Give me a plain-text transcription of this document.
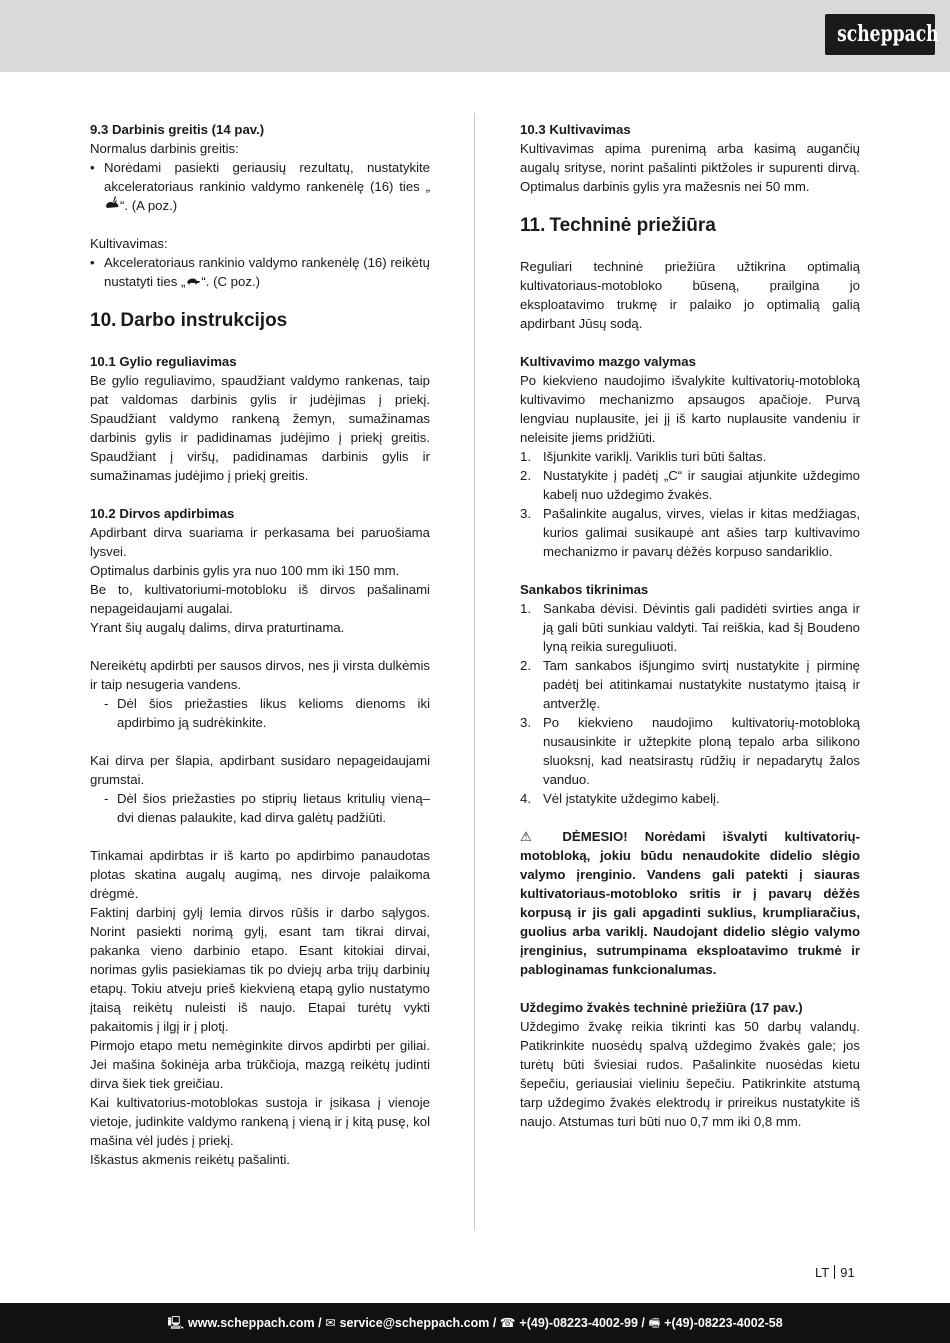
scheppach

9.3 Darbinis greitis (14 pav.)

Normalus darbinis greitis:

• Norėdami pasiekti geriausių rezultatų, nustatykite akceleratoriaus rankinio valdymo rankenėlę (16) ties „“. (A poz.)

Kultivavimas:

• Akceleratoriaus rankinio valdymo rankenėlę (16) reikėtų nustatyti ties „ “. (C poz.)

10. Darbo instrukcijos

10.1 Gylio reguliavimas

Be gylio reguliavimo, spaudžiant valdymo rankenas, taip pat valdomas darbinis gylis ir judėjimas į priekį. Spaudžiant valdymo rankeną žemyn, sumažinamas darbinis gylis ir padidinamas judėjimo į priekį greitis. Spaudžiant į viršų, padidinamas darbinis gylis ir sumažinamas judėjimo į priekį greitis.

10.2 Dirvos apdirbimas

Apdirbant dirva suariama ir perkasama bei paruošiama lysvei.

Optimalus darbinis gylis yra nuo 100 mm iki 150 mm.

Be to, kultivatoriumi-motobloku iš dirvos pašalinami nepageidaujami augalai.

Yrant šių augalų dalims, dirva praturtinama.

Nereikėtų apdirbti per sausos dirvos, nes ji virsta dulkėmis ir taip nesugeria vandens.

- Dėl šios priežasties likus kelioms dienoms iki apdirbimo ją sudrėkinkite.

Kai dirva per šlapia, apdirbant susidaro nepageidaujami grumstai.

- Dėl šios priežasties po stiprių lietaus kritulių vieną–dvi dienas palaukite, kad dirva galėtų padžiūti.

Tinkamai apdirbtas ir iš karto po apdirbimo panaudotas plotas skatina augalų augimą, nes dirvoje palaikoma drėgmė.

Faktinį darbinį gylį lemia dirvos rūšis ir darbo sąlygos. Norint pasiekti norimą gylį, esant tam tikrai dirvai, pakanka vieno darbinio etapo. Esant kitokiai dirvai, norimas gylis pasiekiamas tik po dviejų arba trijų darbinių etapų. Tokiu atveju prieš kiekvieną etapą gylio nustatymo įtaisą reikėtų nuleisti iš naujo. Etapai turėtų vykti pakaitomis į ilgį ir į plotį.

Pirmojo etapo metu nemėginkite dirvos apdirbti per giliai. Jei mašina šokinėja arba trūkčioja, mazgą reikėtų judinti dirva šiek tiek greičiau.

Kai kultivatorius-motoblokas sustoja ir įsikasa į vienoje vietoje, judinkite valdymo rankeną į vieną ir į kitą pusę, kol mašina vėl judės į priekį.

Iškastus akmenis reikėtų pašalinti.

10.3 Kultivavimas

Kultivavimas apima purenimą arba kasimą augančių augalų srityse, norint pašalinti piktžoles ir supurenti dirvą. Optimalus darbinis gylis yra mažesnis nei 50 mm.

11. Techninė priežiūra

Reguliari techninė priežiūra užtikrina optimalią kultivatoriaus-motobloko būseną, prailgina jo eksploatavimo trukmę ir palaiko jo optimalią galią apdirbant Jūsų sodą.

Kultivavimo mazgo valymas

Po kiekvieno naudojimo išvalykite kultivatorių-motobloką kultivavimo mechanizmo apsaugos apačioje. Purvą lengviau nuplausite, jei jį iš karto nuplausite vandeniu ir neleisite jiems pridžiūti.

1. Išjunkite variklį. Variklis turi būti šaltas.
2. Nustatykite į padėtį „C“ ir saugiai atjunkite uždegimo kabelį nuo uždegimo žvakės.
3. Pašalinkite augalus, virves, vielas ir kitas medžiagas, kurios galimai susikaupė ant ašies tarp kultivavimo mechanizmo ir pavarų dėžės korpuso sandariklio.

Sankabos tikrinimas

1. Sankaba dėvisi. Dėvintis gali padidėti svirties anga ir ją gali būti sunkiau valdyti. Tai reiškia, kad šį Boudeno lyną reikia sureguliuoti.
2. Tam sankabos išjungimo svirtį nustatykite į pirminę padėtį bei atitinkamai nustatykite nustatymo įtaisą ir antveržlę.
3. Po kiekvieno naudojimo kultivatorių-motobloką nusausinkite ir užtepkite ploną tepalo arba silikono sluoksnį, kad neatsirastų rūdžių ir nepadarytų žalos vanduo.
4. Vėl įstatykite uždegimo kabelį.

⚠ DĖMESIO! Norėdami išvalyti kultivatorių-motobloką, jokiu būdu nenaudokite didelio slėgio valymo įrenginio. Vandens gali patekti į siauras kultivatoriaus-motobloko sritis ir į pavarų dėžės korpusą ir jis gali apgadinti suklius, krumpliaračius, guolius arba variklį. Naudojant didelio slėgio valymo įrenginius, sutrumpinama eksploatavimo trukmė ir pabloginamas funkcionalumas.

Uždegimo žvakės techninė priežiūra (17 pav.)

Uždegimo žvakę reikia tikrinti kas 50 darbų valandų. Patikrinkite nuosėdų spalvą uždegimo žvakės gale; jos turėtų būti šviesiai rudos. Pašalinkite nuosėdas kietu šepečiu, geriausiai vieliniu šepečiu. Patikrinkite atstumą tarp uždegimo žvakės elektrodų ir prireikus nustatykite iš naujo. Atstumas turi būti nuo 0,7 mm iki 0,8 mm.

LT 91
🖳 www.scheppach.com / ✉ service@scheppach.com / ☎ +(49)-08223-4002-99 / 🖷 +(49)-08223-4002-58
